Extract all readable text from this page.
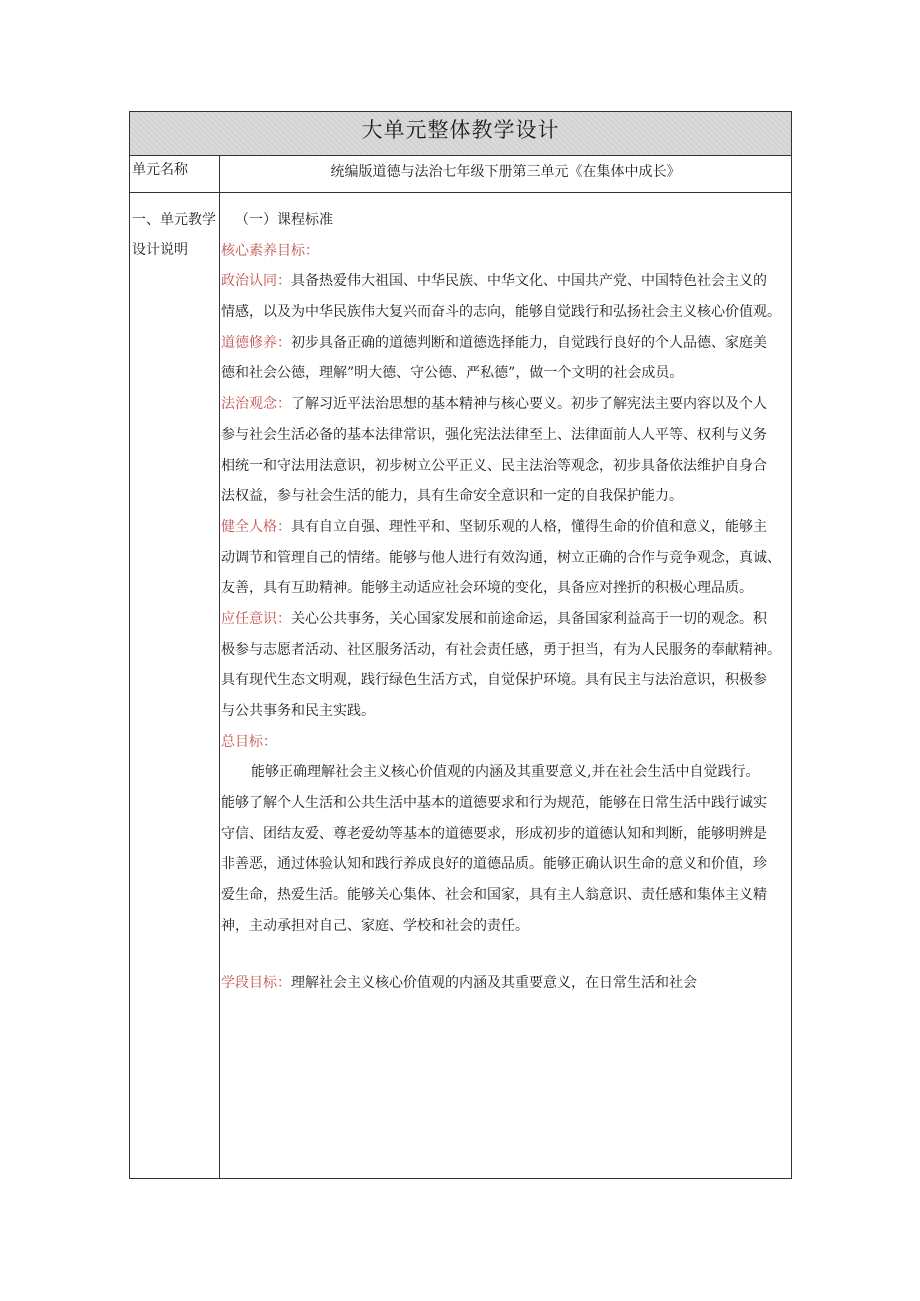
大单元整体教学设计
单元名称	统编版道德与法治七年级下册第三单元《在集体中成长》
一、单元教学
设计说明
（一）课程标准
核心素养目标：
政治认同：具备热爱伟大祖国、中华民族、中华文化、中国共产党、中国特色社会主义的
情感，以及为中华民族伟大复兴而奋斗的志向，能够自觉践行和弘扬社会主义核心价值观。
道德修养：初步具备正确的道德判断和道德选择能力，自觉践行良好的个人品德、家庭美
德和社会公德，理解”明大德、守公德、严私德”，做一个文明的社会成员。
法治观念：了解习近平法治思想的基本精神与核心要义。初步了解宪法主要内容以及个人
参与社会生活必备的基本法律常识，强化宪法法律至上、法律面前人人平等、权利与义务
相统一和守法用法意识，初步树立公平正义、民主法治等观念，初步具备依法维护自身合
法权益，参与社会生活的能力，具有生命安全意识和一定的自我保护能力。
健全人格：具有自立自强、理性平和、坚韧乐观的人格，懂得生命的价值和意义，能够主
动调节和管理自己的情绪。能够与他人进行有效沟通，树立正确的合作与竞争观念，真诚、
友善，具有互助精神。能够主动适应社会环境的变化，具备应对挫折的积极心理品质。
应任意识：关心公共事务，关心国家发展和前途命运，具备国家利益高于一切的观念。积
极参与志愿者活动、社区服务活动，有社会责任感，勇于担当，有为人民服务的奉献精神。
具有现代生态文明观，践行绿色生活方式，自觉保护环境。具有民主与法治意识，积极参
与公共事务和民主实践。
总目标：
能够正确理解社会主义核心价值观的内涵及其重要意义,并在社会生活中自觉践行。
能够了解个人生活和公共生活中基本的道德要求和行为规范，能够在日常生活中践行诚实
守信、团结友爱、尊老爱幼等基本的道德要求，形成初步的道德认知和判断，能够明辨是
非善恶，通过体验认知和践行养成良好的道德品质。能够正确认识生命的意义和价值，珍
爱生命，热爱生活。能够关心集体、社会和国家，具有主人翁意识、责任感和集体主义精
神，主动承担对自己、家庭、学校和社会的责任。
学段目标：理解社会主义核心价值观的内涵及其重要意义，在日常生活和社会
